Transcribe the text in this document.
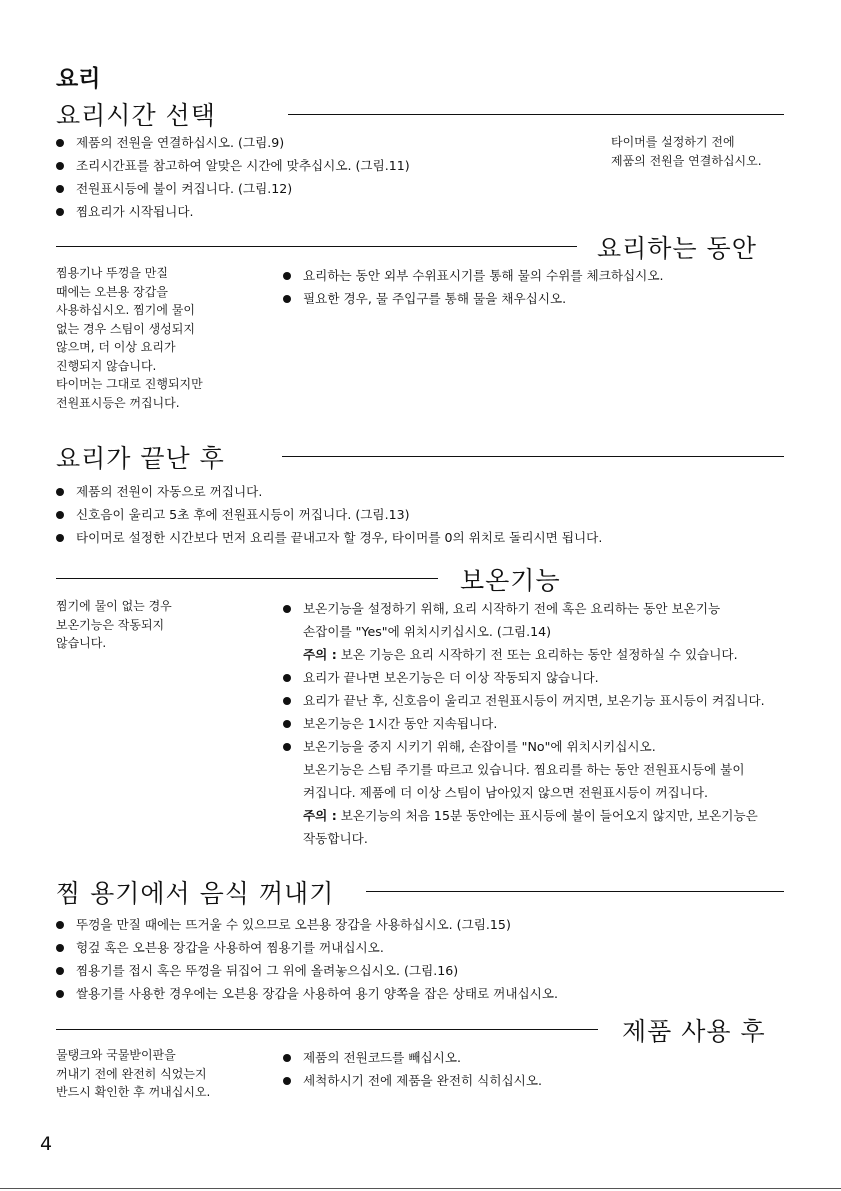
요리
요리시간 선택
제품의 전원을 연결하십시오. (그림.9)
조리시간표를 참고하여 알맞은 시간에 맞추십시오. (그림.11)
전원표시등에 불이 켜집니다. (그림.12)
찜요리가 시작됩니다.
타이머를 설정하기 전에
제품의 전원을 연결하십시오.
요리하는 동안
찜용기나 뚜껑을 만질
때에는 오븐용 장갑을
사용하십시오. 찜기에 물이
없는 경우 스팀이 생성되지
않으며, 더 이상 요리가
진행되지 않습니다.
타이머는 그대로 진행되지만
전원표시등은 꺼집니다.
요리하는 동안 외부 수위표시기를 통해 물의 수위를 체크하십시오.
필요한 경우, 물 주입구를 통해 물을 채우십시오.
요리가 끝난 후
제품의 전원이 자동으로 꺼집니다.
신호음이 울리고 5초 후에 전원표시등이 꺼집니다. (그림.13)
타이머로 설정한 시간보다 먼저 요리를 끝내고자 할 경우, 타이머를 0의 위치로 돌리시면 됩니다.
보온기능
찜기에 물이 없는 경우
보온기능은 작동되지
않습니다.
보온기능을 설정하기 위해, 요리 시작하기 전에 혹은 요리하는 동안 보온기능
손잡이를 "Yes"에 위치시키십시오. (그림.14)
주의 : 보온 기능은 요리 시작하기 전 또는 요리하는 동안 설정하실 수 있습니다.
요리가 끝나면 보온기능은 더 이상 작동되지 않습니다.
요리가 끝난 후, 신호음이 울리고 전원표시등이 꺼지면, 보온기능 표시등이 켜집니다.
보온기능은 1시간 동안 지속됩니다.
보온기능을 중지 시키기 위해, 손잡이를 "No"에 위치시키십시오.
보온기능은 스팀 주기를 따르고 있습니다. 찜요리를 하는 동안 전원표시등에 불이
켜집니다. 제품에 더 이상 스팀이 남아있지 않으면 전원표시등이 꺼집니다.
주의 : 보온기능의 처음 15분 동안에는 표시등에 불이 들어오지 않지만, 보온기능은
작동합니다.
찜 용기에서 음식 꺼내기
뚜껑을 만질 때에는 뜨거울 수 있으므로 오븐용 장갑을 사용하십시오. (그림.15)
헝겊 혹은 오븐용 장갑을 사용하여 찜용기를 꺼내십시오.
찜용기를 접시 혹은 뚜껑을 뒤집어 그 위에 올려놓으십시오. (그림.16)
쌀용기를 사용한 경우에는 오븐용 장갑을 사용하여 용기 양쪽을 잡은 상태로 꺼내십시오.
제품 사용 후
물탱크와 국물받이판을
꺼내기 전에 완전히 식었는지
반드시 확인한 후 꺼내십시오.
제품의 전원코드를 빼십시오.
세척하시기 전에 제품을 완전히 식히십시오.
4
